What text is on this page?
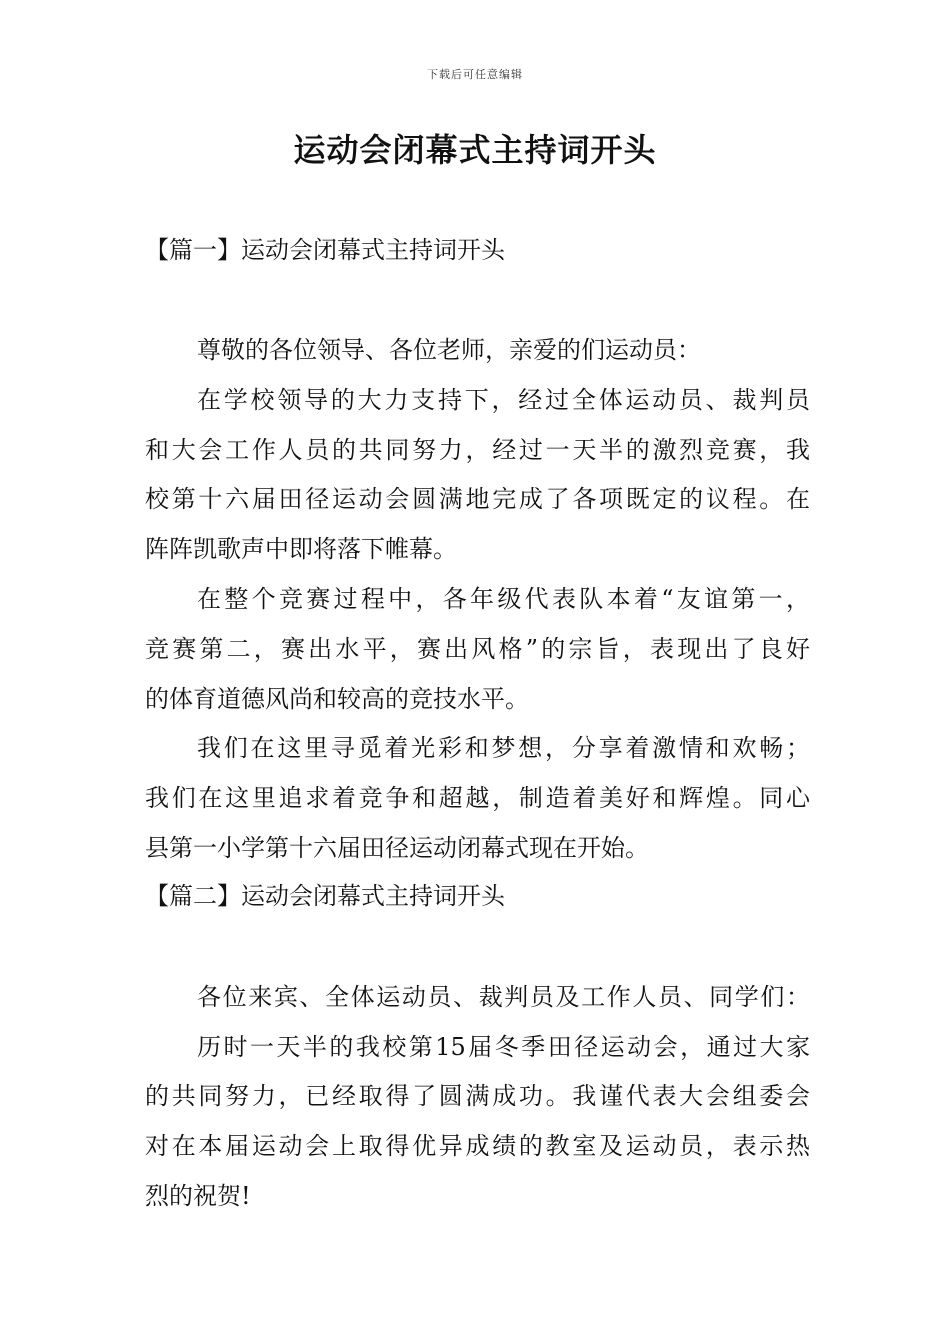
下载后可任意编辑
运动会闭幕式主持词开头
【篇一】运动会闭幕式主持词开头
尊敬的各位领导、各位老师，亲爱的们运动员：
在学校领导的大力支持下，经过全体运动员、裁判员
和大会工作人员的共同努力，经过一天半的激烈竞赛，我
校第十六届田径运动会圆满地完成了各项既定的议程。在
阵阵凯歌声中即将落下帷幕。
在整个竞赛过程中，各年级代表队本着“友谊第一，
竞赛第二，赛出水平，赛出风格”的宗旨，表现出了良好
的体育道德风尚和较高的竞技水平。
我们在这里寻觅着光彩和梦想，分享着激情和欢畅；
我们在这里追求着竞争和超越，制造着美好和辉煌。同心
县第一小学第十六届田径运动闭幕式现在开始。
【篇二】运动会闭幕式主持词开头
各位来宾、全体运动员、裁判员及工作人员、同学们：
历时一天半的我校第15届冬季田径运动会，通过大家
的共同努力，已经取得了圆满成功。我谨代表大会组委会
对在本届运动会上取得优异成绩的教室及运动员，表示热
烈的祝贺!
